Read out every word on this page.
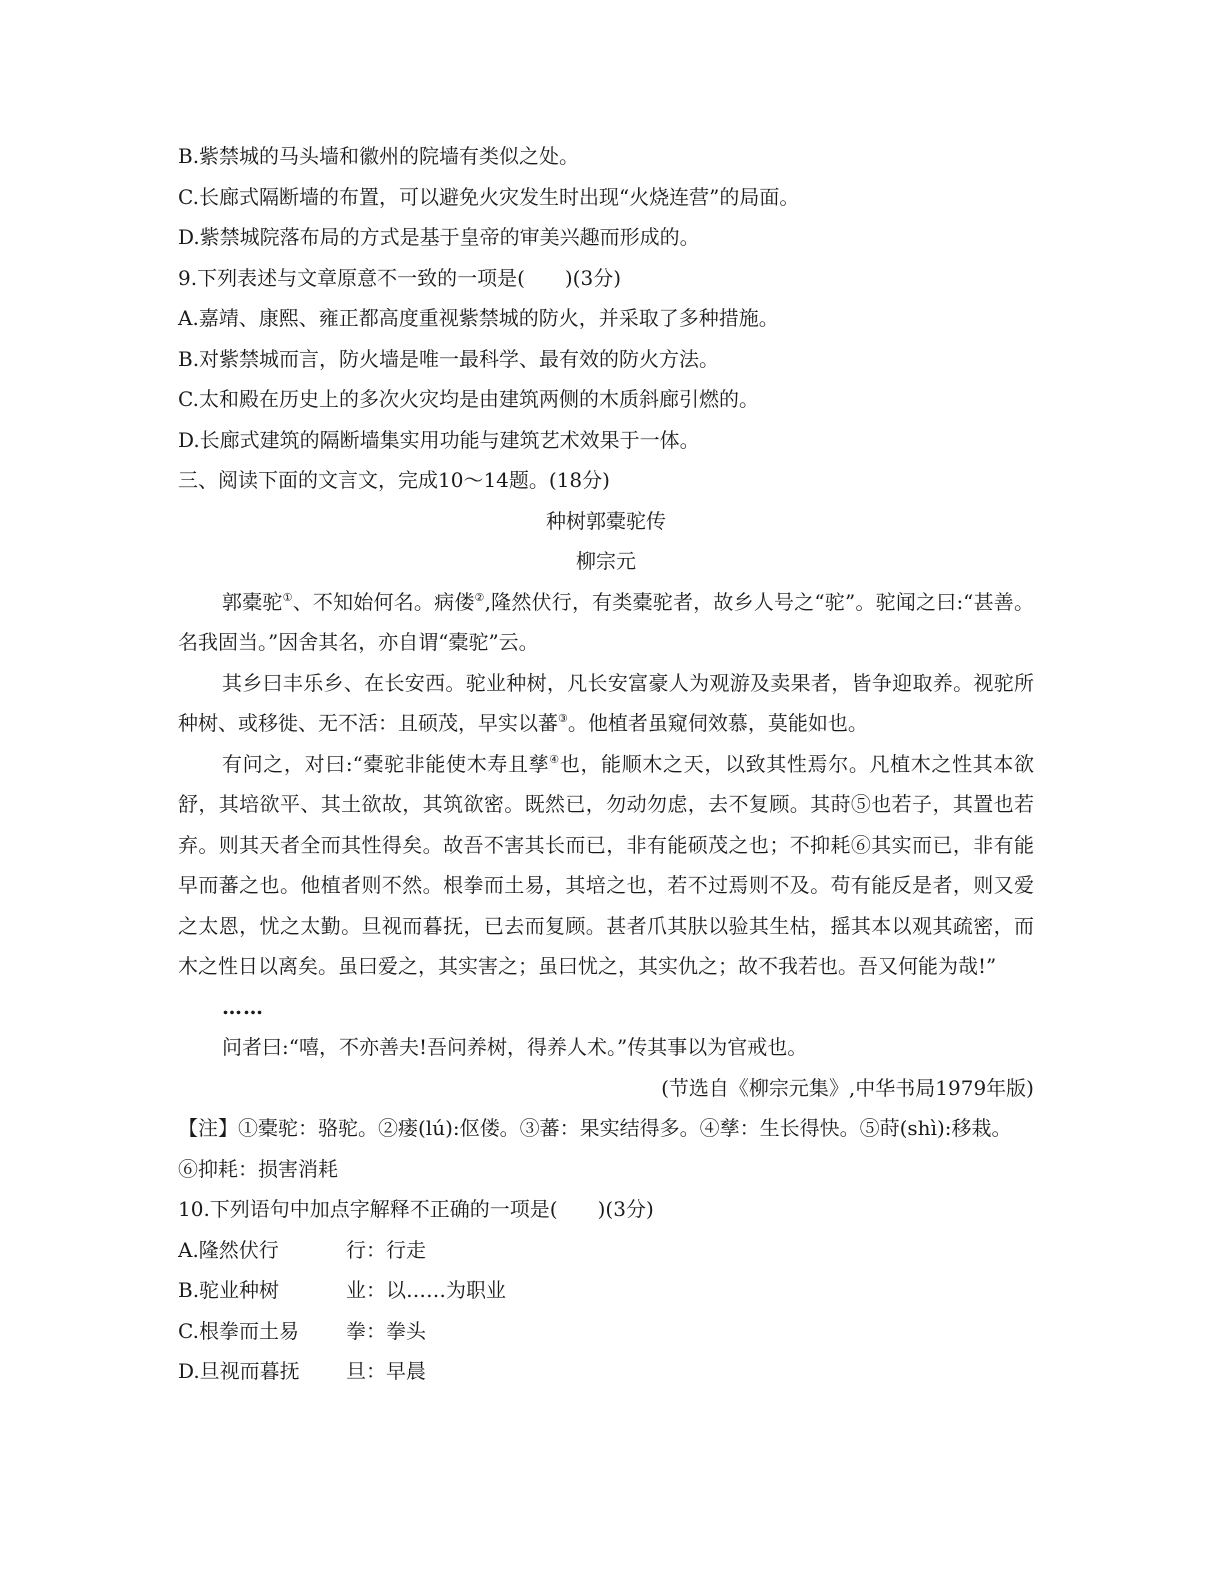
B.紫禁城的马头墙和徽州的院墙有类似之处。
C.长廊式隔断墙的布置，可以避免火灾发生时出现“火烧连营”的局面。
D.紫禁城院落布局的方式是基于皇帝的审美兴趣而形成的。
9.下列表述与文章原意不一致的一项是(　　)(3分)
A.嘉靖、康熙、雍正都高度重视紫禁城的防火，并采取了多种措施。
B.对紫禁城而言，防火墙是唯一最科学、最有效的防火方法。
C.太和殿在历史上的多次火灾均是由建筑两侧的木质斜廊引燃的。
D.长廊式建筑的隔断墙集实用功能与建筑艺术效果于一体。
三、阅读下面的文言文，完成10～14题。(18分)
种树郭橐驼传
柳宗元
郭橐驼①、不知始何名。病偻②,隆然伏行，有类橐驼者，故乡人号之“驼”。驼闻之曰:“甚善。名我固当。”因舍其名，亦自谓“橐驼”云。
其乡曰丰乐乡、在长安西。驼业种树，凡长安富豪人为观游及卖果者，皆争迎取养。视驼所种树、或移徙、无不活：且硕茂，早实以蕃③。他植者虽窥伺效慕，莫能如也。
有问之，对曰:“橐驼非能使木寿且孳④也，能顺木之天，以致其性焉尔。凡植木之性其本欲舒，其培欲平、其土欲故，其筑欲密。既然已，勿动勿虑，去不复顾。其莳⑤也若子，其置也若弃。则其天者全而其性得矣。故吾不害其长而已，非有能硕茂之也；不抑耗⑥其实而已，非有能早而蕃之也。他植者则不然。根拳而土易，其培之也，若不过焉则不及。苟有能反是者，则又爱之太恩，忧之太勤。旦视而暮抚，已去而复顾。甚者爪其肤以验其生枯，摇其本以观其疏密，而木之性日以离矣。虽曰爱之，其实害之；虽曰忧之，其实仇之；故不我若也。吾又何能为哉!”
……
问者曰:“嘻，不亦善夫!吾问养树，得养人术。”传其事以为官戒也。
(节选自《柳宗元集》,中华书局1979年版)
【注】①橐驼：骆驼。②瘘(lú):伛偻。③蕃：果实结得多。④孳：生长得快。⑤莳(shì):移栽。
⑥抑耗：损害消耗
10.下列语句中加点字解释不正确的一项是(　　)(3分)
A.隆然伏行	行：行走
B.驼业种树	业：以……为职业
C.根拳而土易	拳：拳头
D.旦视而暮抚	旦：早晨
